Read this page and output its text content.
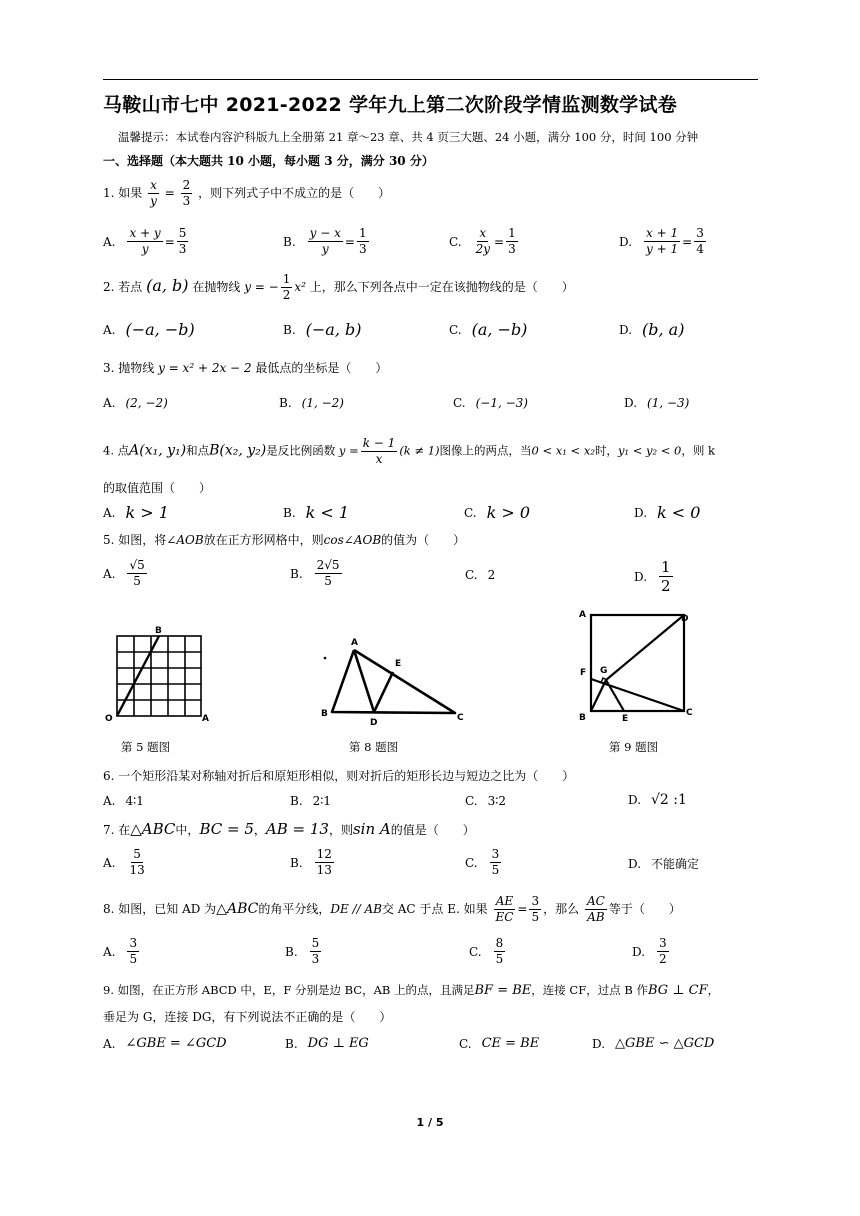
马鞍山市七中 2021-2022 学年九上第二次阶段学情监测数学试卷
温馨提示：本试卷内容沪科版九上全册第 21 章～23 章、共 4 页三大题、24 小题，满分 100 分，时间 100 分钟
一、选择题（本大题共 10 小题，每小题 3 分，满分 30 分）
1. 如果 $\frac{x}{y} = \frac{2}{3}$ ，则下列式子中不成立的是（　　）
A. $\frac{x + y}{y} = \frac{5}{3}$	B. $\frac{y - x}{y} = \frac{1}{3}$	C. $\frac{x}{2y} = \frac{1}{3}$	D. $\frac{x + 1}{y + 1} = \frac{3}{4}$
2. 若点 (a, b) 在抛物线 y = − $\frac{1}{2} x^2$ 上，那么下列各点中一定在该抛物线的是（　　）
A. (−a, −b)	B. (−a, b)	C. (a, −b)	D. (b, a)
3. 抛物线 y = x² + 2x − 2 最低点的坐标是（　　）
A. (2, −2)	B. (1, −2)	C. (−1, −3)	D. (1, −3)
4. 点A(x₁, y₁)和点B(x₂, y₂)是反比例函数 $y = \frac{k - 1}{x} (k \ne 1)$图像上的两点，当0 < x₁ < x₂时，y₁ < y₂ < 0，则 k
的取值范围（　　）
A. k > 1	B. k < 1	C. k > 0	D. k < 0
5. 如图，将∠AOB放在正方形网格中，则cos∠AOB的值为（　　）
A. $\frac{√5}{5}$	B. $\frac{2√5}{5}$	C. 2	D. $\frac{1}{2}$
B
O	A
第 5 题图
A
E
B
D	C
第 8 题图
A	D
F G
B	E
C
第 9 题图
6. 一个矩形沿某对称轴对折后和原矩形相似，则对折后的矩形长边与短边之比为（　　）
A. 4∶1	B. 2∶1	C. 3∶2	D. √2 :1
7. 在△ABC中，BC = 5，AB = 13，则sin A的值是（　　）
A. $\frac{5}{13}$	B. $\frac{12}{13}$	C. $\frac{3}{5}$	D. 不能确定
8. 如图，已知 AD 为△ABC的角平分线，DE // AB交 AC 于点 E. 如果 $\frac{AE}{EC} = \frac{3}{5}$ ，那么 $\frac{AC}{AB}$ 等于（　　）
A. $\frac{3}{5}$	B. $\frac{5}{3}$	C. $\frac{8}{5}$	D. $\frac{3}{2}$
9. 如图，在正方形 ABCD 中，E，F 分别是边 BC，AB 上的点，且满足BF = BE，连接 CF，过点 B 作BG ⊥ CF，
垂足为 G，连接 DG，有下列说法不正确的是（　　）
A. ∠GBE = ∠GCD	B. DG ⊥ EG	C. CE = BE	D. △GBE ∽ △GCD
1 / 5
